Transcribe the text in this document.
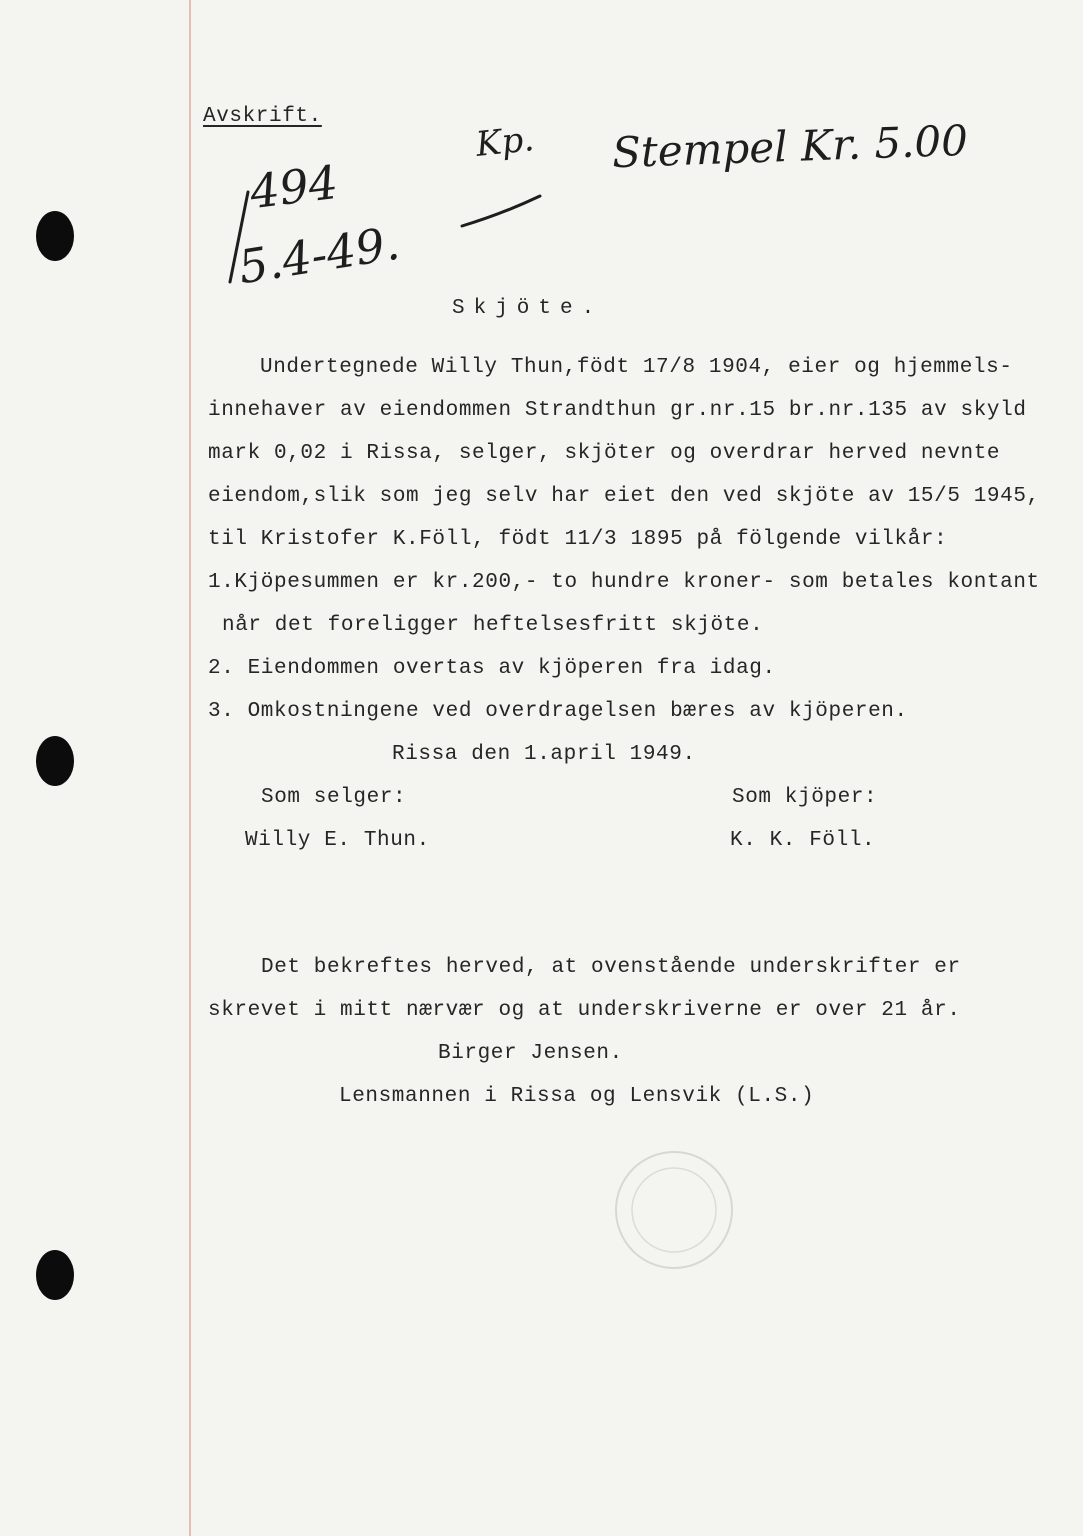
Avskrift.
494
5.4-49.
Kp. Stempel Kr. 5.00
Skjöte.
Undertegnede Willy Thun,födt 17/8 1904, eier og hjemmels-
innehaver av eiendommen Strandthun gr.nr.15 br.nr.135 av skyld
mark 0,02 i Rissa, selger, skjöter og overdrar herved nevnte
eiendom,slik som jeg selv har eiet den ved skjöte av 15/5 1945,
til Kristofer K.Föll, födt 11/3 1895 på fölgende vilkår:
1.Kjöpesummen er kr.200,- to hundre kroner- som betales kontant
når det foreligger heftelsesfritt skjöte.
2. Eiendommen overtas av kjöperen fra idag.
3. Omkostningene ved overdragelsen bæres av kjöperen.
Rissa den 1.april 1949.
Som selger:	Som kjöper:
Willy E. Thun.	K. K. Föll.
Det bekreftes herved, at ovenstående underskrifter er
skrevet i mitt nærvær og at underskriverne er over 21 år.
Birger Jensen.
Lensmannen i Rissa og Lensvik (L.S.)
